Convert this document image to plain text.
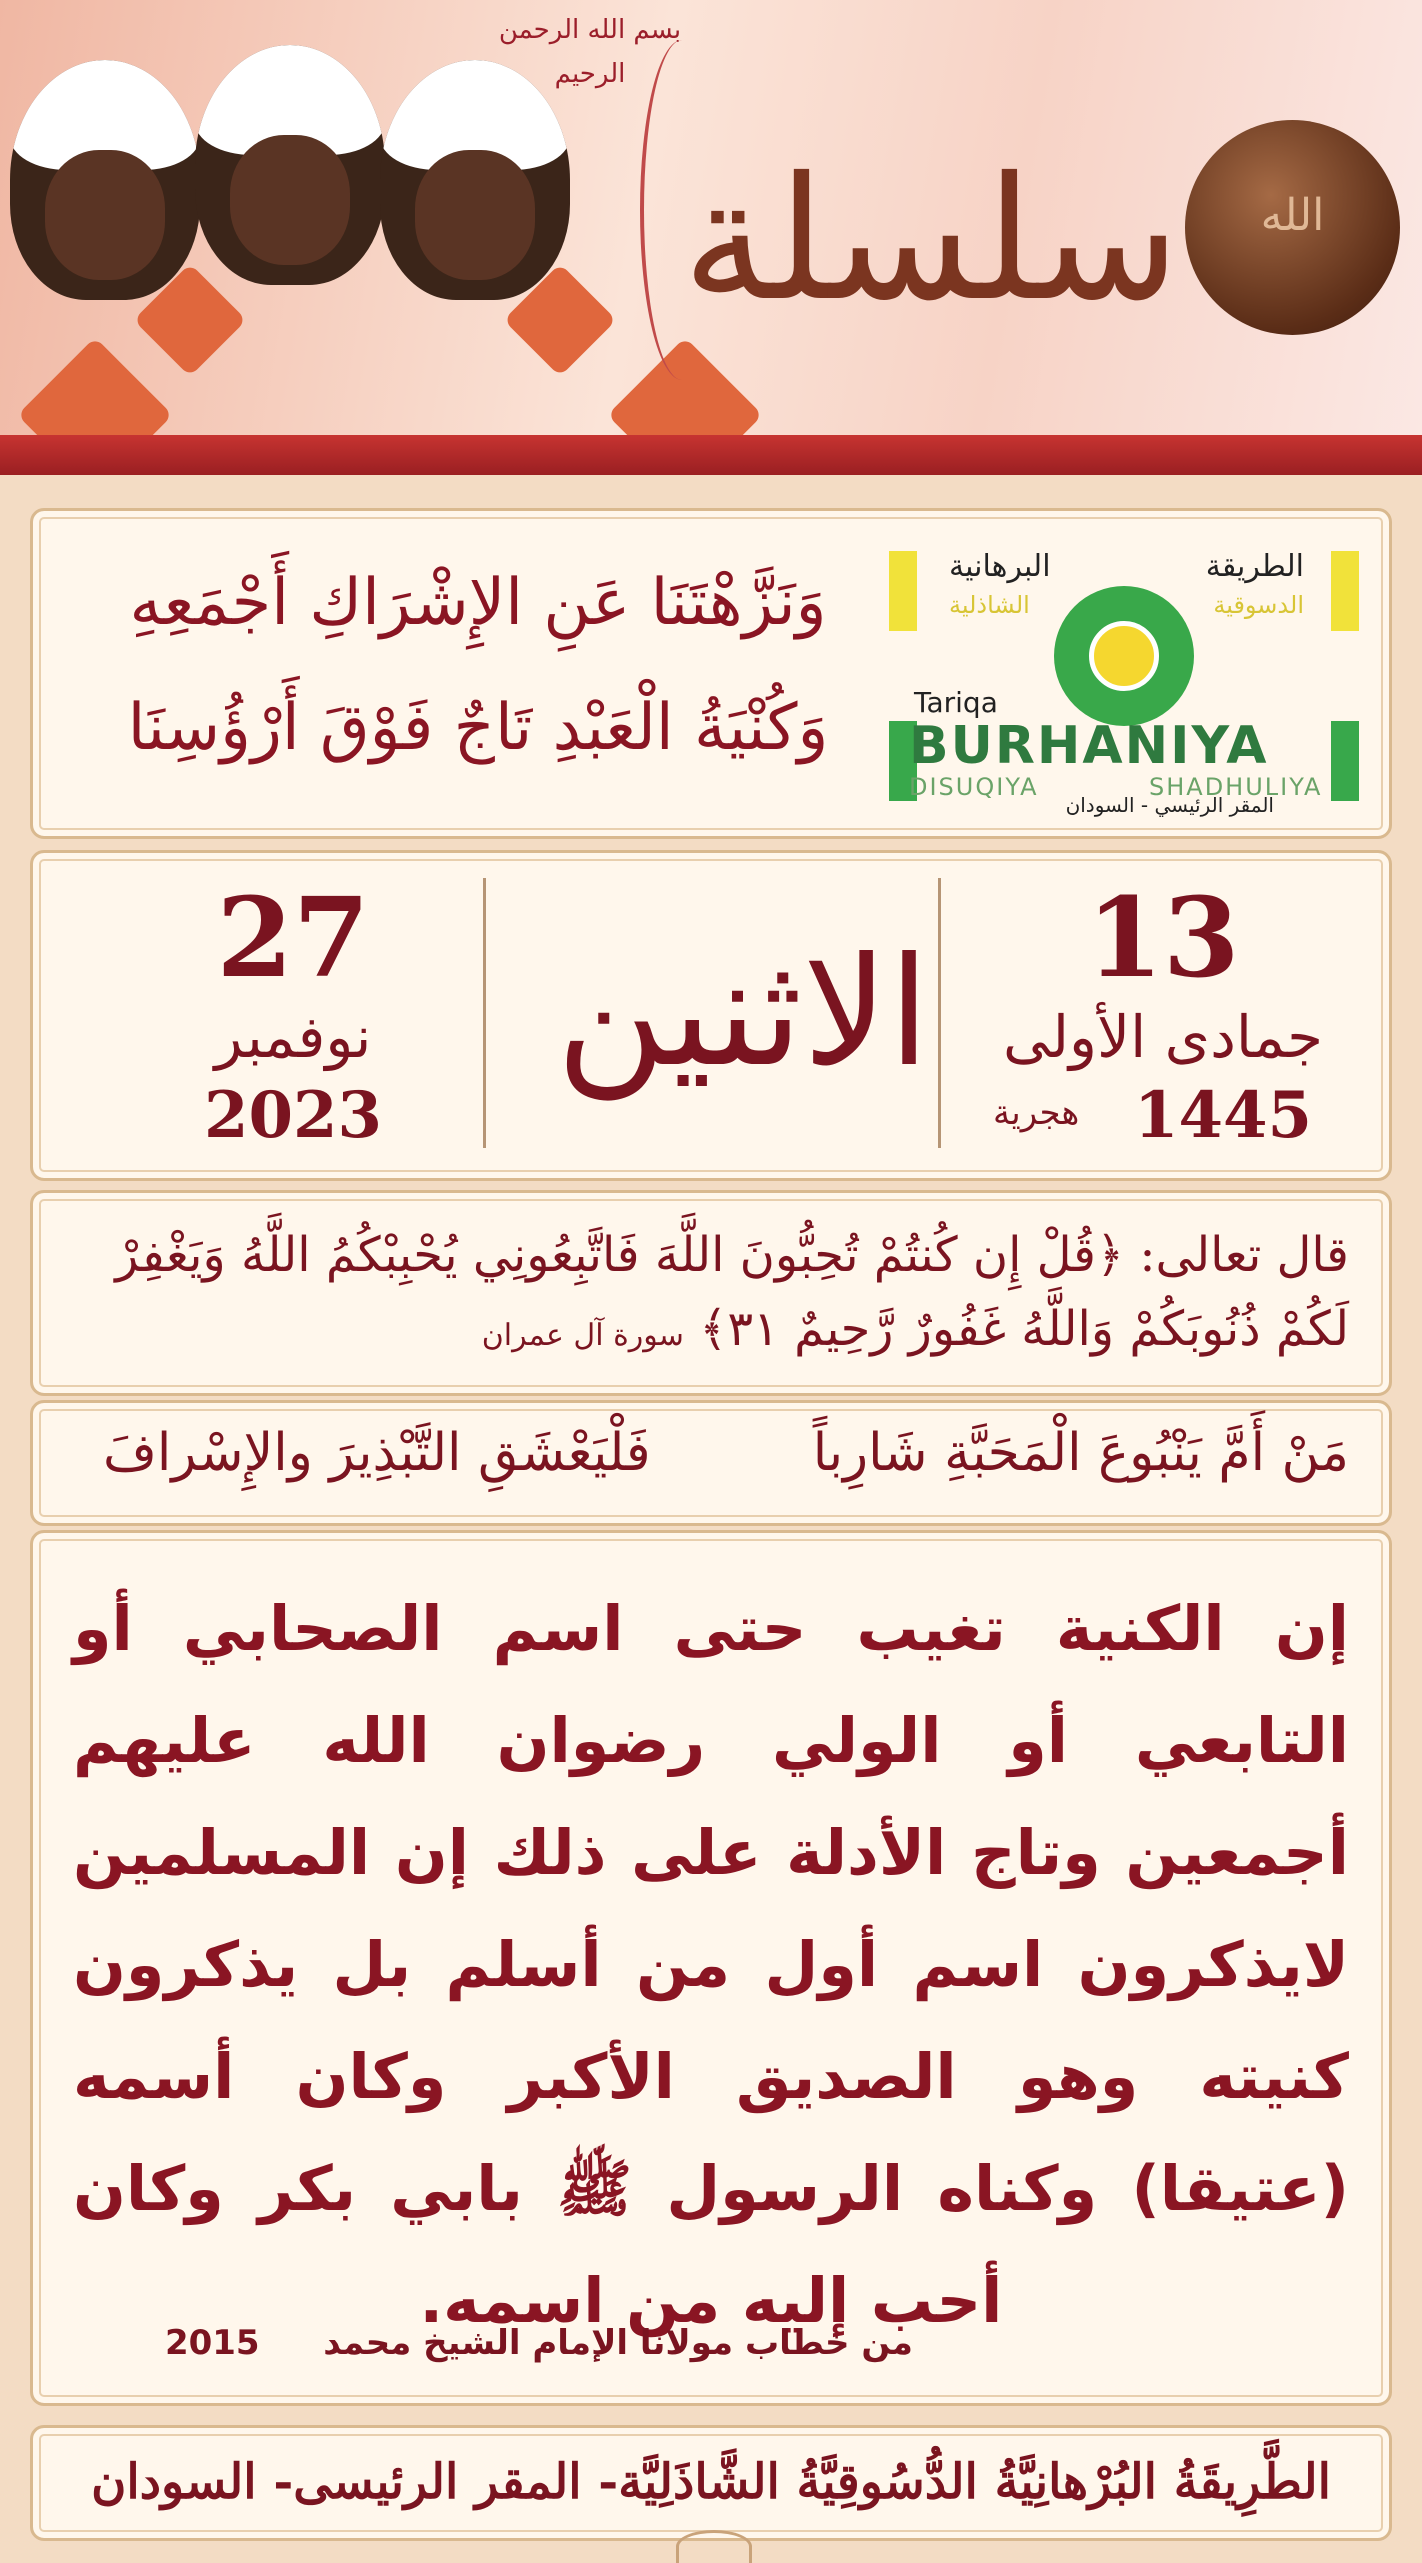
بسم الله الرحمن الرحيم
سلسلة	الله
وَنَزَّهْتَنَا عَنِ الإِشْرَاكِ أَجْمَعِهِ
وَكُنْيَةُ الْعَبْدِ تَاجٌ فَوْقَ أَرْؤُسِنَا
الطريقة
البرهانية
الدسوقية
الشاذلية
Tariqa
BURHANIYA
DISUQIYA	SHADHULIYA
المقر الرئيسي - السودان
27
نوفمبر
2023
الاثنين	13
جمادى الأولى
1445
هجرية
قال تعالى: ﴿قُلْ إِن كُنتُمْ تُحِبُّونَ اللَّهَ فَاتَّبِعُونِي يُحْبِبْكُمُ اللَّهُ وَيَغْفِرْ لَكُمْ ذُنُوبَكُمْ وَاللَّهُ غَفُورٌ رَّحِيمٌ ٣١﴾ سورة آل عمران
مَنْ أَمَّ يَنْبُوعَ الْمَحَبَّةِ شَارِباً
فَلْيَعْشَقِ التَّبْذِيرَ والإِسْرافَ
إن الكنية تغيب حتى اسم الصحابي أو التابعي أو الولي رضوان الله عليهم أجمعين وتاج الأدلة على ذلك إن المسلمين لايذكرون اسم أول من أسلم بل يذكرون كنيته وهو الصديق الأكبر وكان أسمه (عتيقا) وكناه الرسول ﷺ بابي بكر وكان أحب إليه من اسمه.
من خطاب مولانا الإمام الشيخ محمد  2015
الطَّرِيقَةُ البُرْهانِيَّةُ الدُّسُوقِيَّةُ الشَّاذَلِيَّة- المقر الرئيسى- السودان
